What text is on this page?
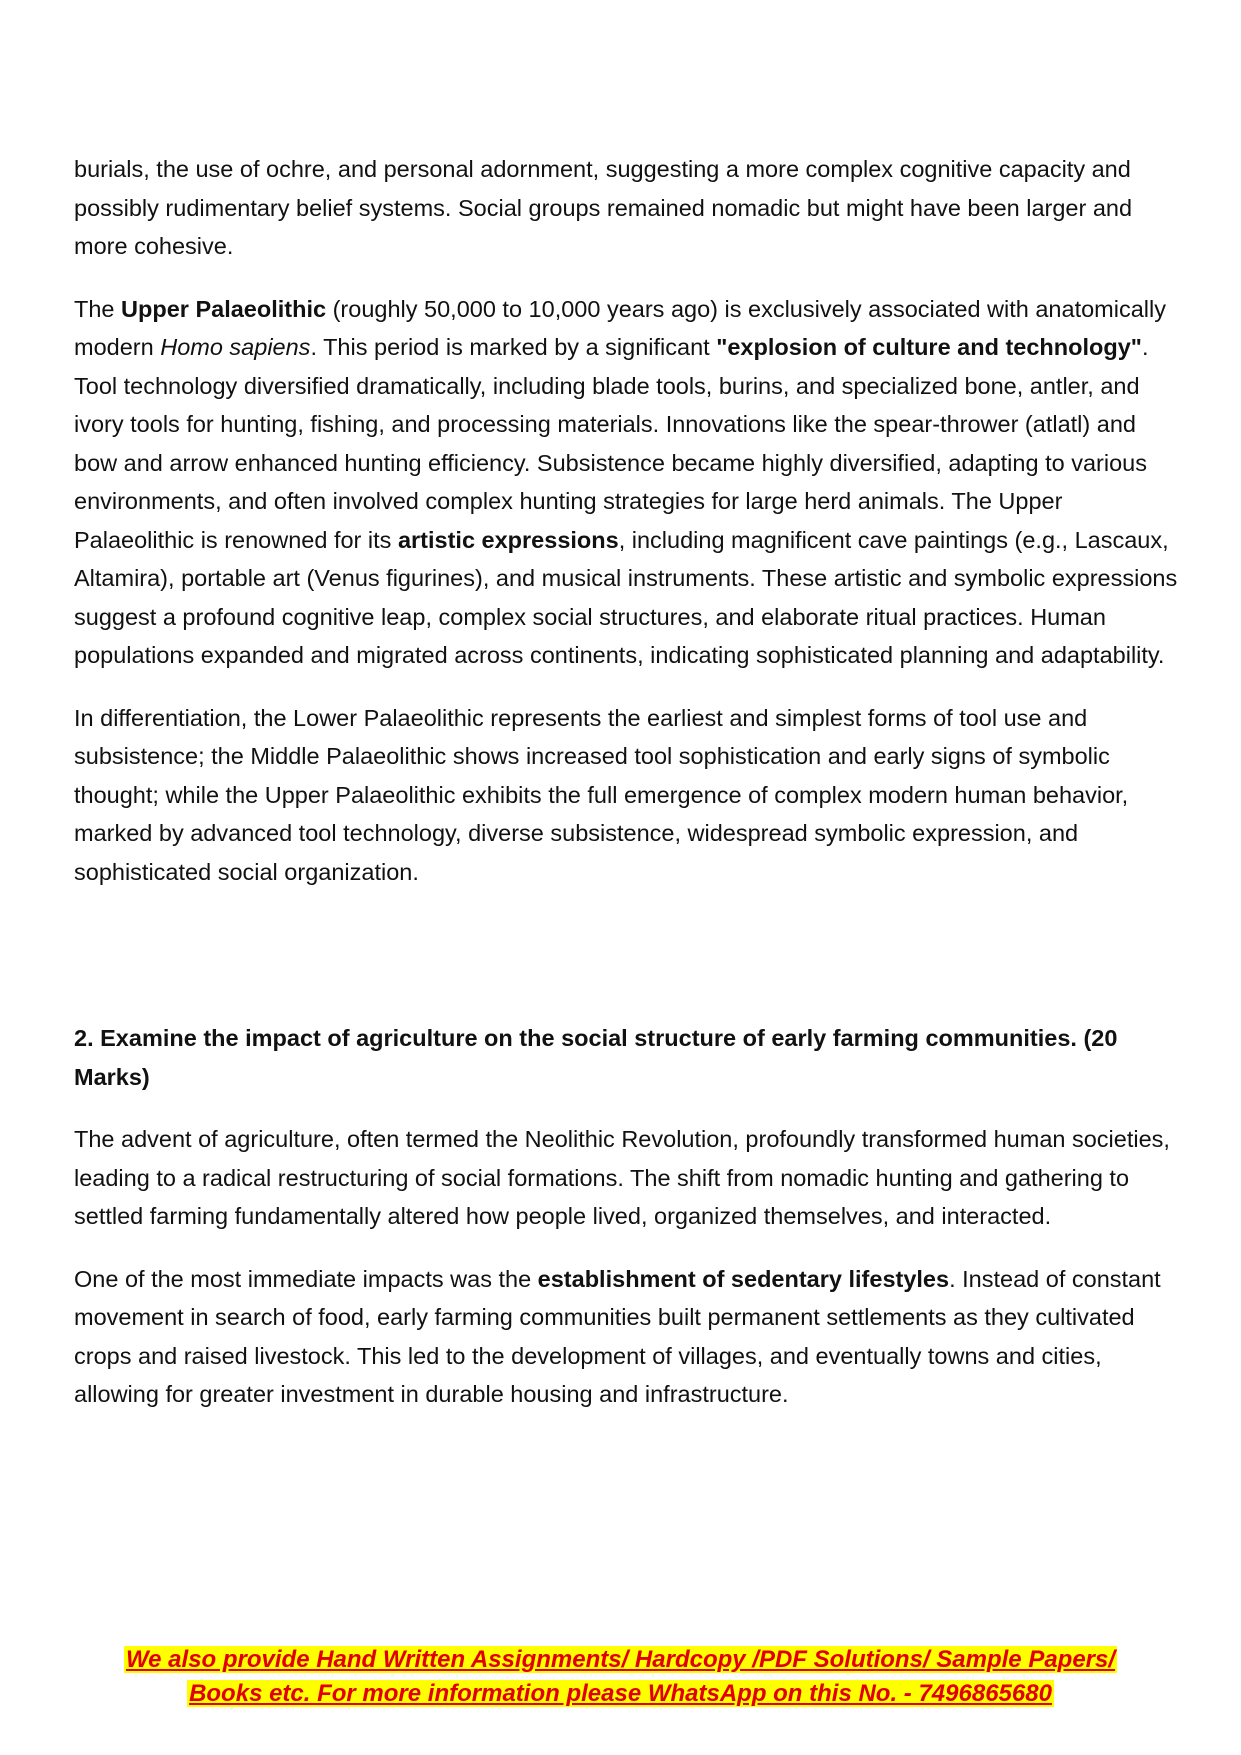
burials, the use of ochre, and personal adornment, suggesting a more complex cognitive capacity and possibly rudimentary belief systems. Social groups remained nomadic but might have been larger and more cohesive.

The Upper Palaeolithic (roughly 50,000 to 10,000 years ago) is exclusively associated with anatomically modern Homo sapiens. This period is marked by a significant "explosion of culture and technology". Tool technology diversified dramatically, including blade tools, burins, and specialized bone, antler, and ivory tools for hunting, fishing, and processing materials. Innovations like the spear-thrower (atlatl) and bow and arrow enhanced hunting efficiency. Subsistence became highly diversified, adapting to various environments, and often involved complex hunting strategies for large herd animals. The Upper Palaeolithic is renowned for its artistic expressions, including magnificent cave paintings (e.g., Lascaux, Altamira), portable art (Venus figurines), and musical instruments. These artistic and symbolic expressions suggest a profound cognitive leap, complex social structures, and elaborate ritual practices. Human populations expanded and migrated across continents, indicating sophisticated planning and adaptability.

In differentiation, the Lower Palaeolithic represents the earliest and simplest forms of tool use and subsistence; the Middle Palaeolithic shows increased tool sophistication and early signs of symbolic thought; while the Upper Palaeolithic exhibits the full emergence of complex modern human behavior, marked by advanced tool technology, diverse subsistence, widespread symbolic expression, and sophisticated social organization.

2. Examine the impact of agriculture on the social structure of early farming communities. (20 Marks)

The advent of agriculture, often termed the Neolithic Revolution, profoundly transformed human societies, leading to a radical restructuring of social formations. The shift from nomadic hunting and gathering to settled farming fundamentally altered how people lived, organized themselves, and interacted.

One of the most immediate impacts was the establishment of sedentary lifestyles. Instead of constant movement in search of food, early farming communities built permanent settlements as they cultivated crops and raised livestock. This led to the development of villages, and eventually towns and cities, allowing for greater investment in durable housing and infrastructure.

We also provide Hand Written Assignments/ Hardcopy /PDF Solutions/ Sample Papers/
Books etc. For more information please WhatsApp on this No. - 7496865680
